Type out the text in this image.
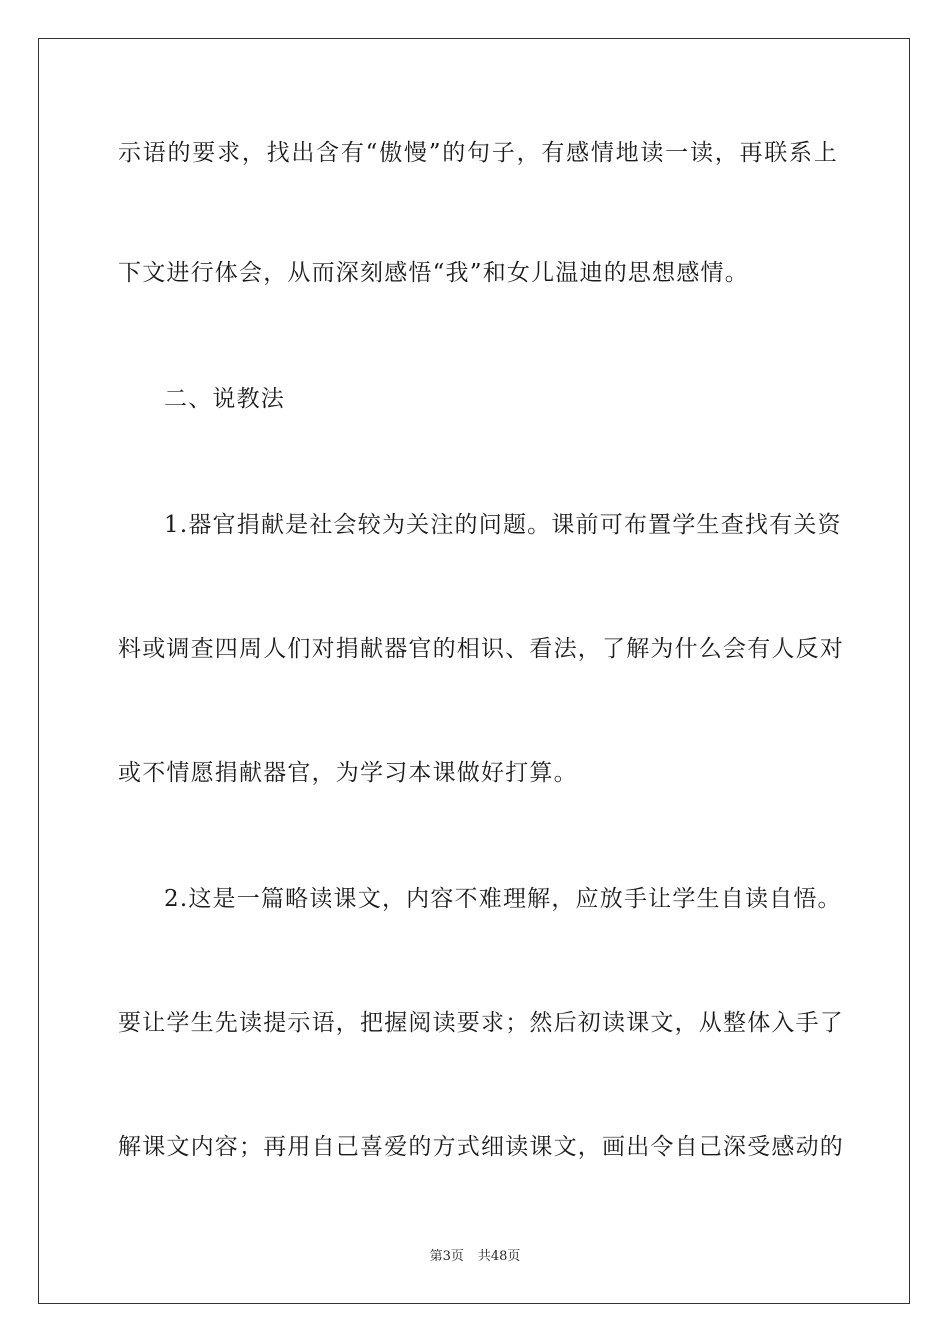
示语的要求，找出含有“傲慢”的句子，有感情地读一读，再联系上
下文进行体会，从而深刻感悟“我”和女儿温迪的思想感情。
二、说教法
1.器官捐献是社会较为关注的问题。课前可布置学生查找有关资
料或调查四周人们对捐献器官的相识、看法，了解为什么会有人反对
或不情愿捐献器官，为学习本课做好打算。
2.这是一篇略读课文，内容不难理解，应放手让学生自读自悟。
要让学生先读提示语，把握阅读要求；然后初读课文，从整体入手了
解课文内容；再用自己喜爱的方式细读课文，画出令自己深受感动的
第3页 共48页
